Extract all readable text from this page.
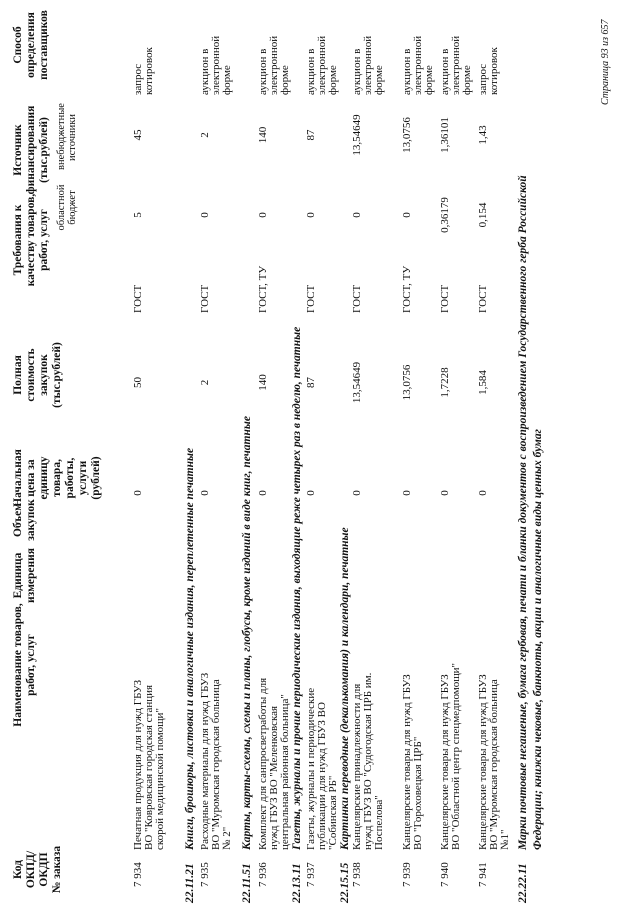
Код ОКПД/ ОКДП № заказа
Наименование товаров, работ, услуг
Единица измерения
Объем закупок
Начальная цена за единицу товара, работы, услуги (рублей)
Полная стоимость закупок (тыс.рублей)
Требования к качеству товаров, работ, услуг
Источник финансирования (тыс.рублей)
областной бюджет
внебюджетные источники
Способ определения поставщиков
7 934
Печатная продукция для нужд ГБУЗ ВО "Ковровская городская станция скорой медицинской помощи"
0
50
ГОСТ
5
45
запрос котировок
22.11.21
Книги, брошюры, листовки и аналогичные издания, переплетенные печатные
7 935
Расходные материалы для нужд ГБУЗ ВО "Муромская городская больница № 2"
0
2
ГОСТ
0
2
аукцион в электронной форме
22.11.51
Карты, карты-схемы, схемы и планы, глобусы, кроме изданий в виде книг, печатные
7 936
Комплект для санпросветработы для нужд ГБУЗ ВО "Меленковская центральная районная больница"
0
140
ГОСТ, ТУ
0
140
аукцион в электронной форме
22.13.11
Газеты, журналы и прочие периодические издания, выходящие реже четырех раз в неделю, печатные
7 937
Газеты, журналы и периодические публикации для нужд ГБУЗ ВО "Собинская РБ"
0
87
ГОСТ
0
87
аукцион в электронной форме
22.15.15
Картинки переводные (декалькомания) и календари, печатные
7 938
Канцелярские принадлежности для нужд ГБУЗ ВО "Судогодская ЦРБ им. Поспелова"
0
13,54649
ГОСТ
0
13,54649
аукцион в электронной форме
7 939
Канцелярские товары для нужд ГБУЗ ВО "Гороховецкая ЦРБ"
0
13,0756
ГОСТ, ТУ
0
13,0756
аукцион в электронной форме
7 940
Канцелярские товары для нужд ГБУЗ ВО "Областной центр спецмедпомощи"
0
1,7228
ГОСТ
0,36179
1,36101
аукцион в электронной форме
7 941
Канцелярские товары для нужд ГБУЗ ВО "Муромская городская больница №1"
0
1,584
ГОСТ
0,154
1,43
запрос котировок
22.22.11
Марки почтовые негашеные, бумага гербовая, печати и бланки документов с воспроизведением Государственного герба Российской Федерации; книжки чековые, банкноты, акции и аналогичные виды ценных бумаг
Страница 93 из 657
